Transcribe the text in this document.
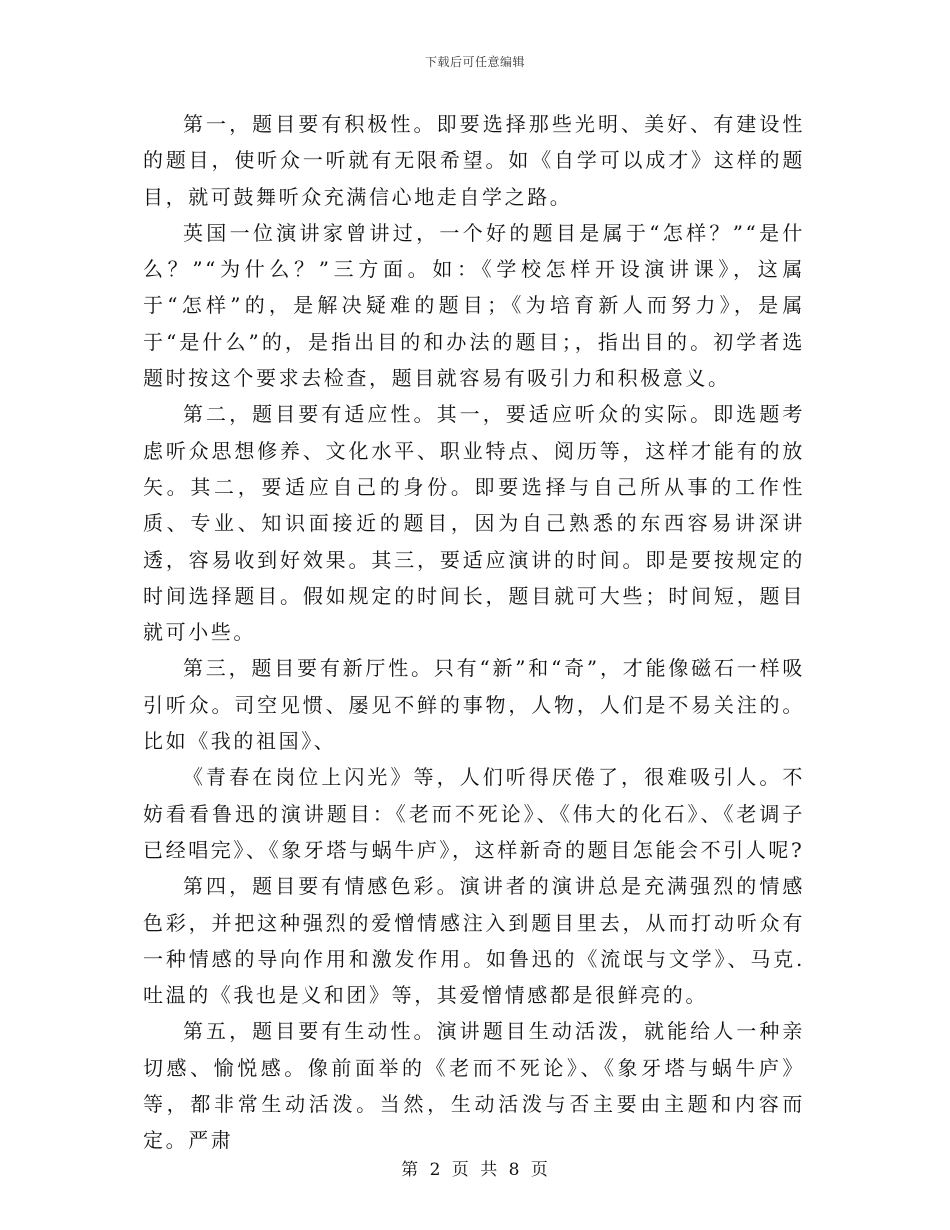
下载后可任意编辑

第一，题目要有积极性。即要选择那些光明、美好、有建设性的题目，使听众一听就有无限希望。如《自学可以成才》这样的题目，就可鼓舞听众充满信心地走自学之路。

英国一位演讲家曾讲过，一个好的题目是属于“怎样？”“是什么？”“为什么？”三方面。如：《学校怎样开设演讲课》，这属于“怎样”的，是解决疑难的题目；《为培育新人而努力》，是属于“是什么”的，是指出目的和办法的题目；，指出目的。初学者选题时按这个要求去检查，题目就容易有吸引力和积极意义。

第二，题目要有适应性。其一，要适应听众的实际。即选题考虑听众思想修养、文化水平、职业特点、阅历等，这样才能有的放矢。其二，要适应自己的身份。即要选择与自己所从事的工作性质、专业、知识面接近的题目，因为自己熟悉的东西容易讲深讲透，容易收到好效果。其三，要适应演讲的时间。即是要按规定的时间选择题目。假如规定的时间长，题目就可大些；时间短，题目就可小些。

第三，题目要有新厅性。只有“新”和“奇”，才能像磁石一样吸引听众。司空见惯、屡见不鲜的事物，人物，人们是不易关注的。比如《我的祖国》、

《青春在岗位上闪光》等，人们听得厌倦了，很难吸引人。不妨看看鲁迅的演讲题目：《老而不死论》、《伟大的化石》、《老调子已经唱完》、《象牙塔与蜗牛庐》，这样新奇的题目怎能会不引人呢?

第四，题目要有情感色彩。演讲者的演讲总是充满强烈的情感色彩，并把这种强烈的爱憎情感注入到题目里去，从而打动听众有一种情感的导向作用和激发作用。如鲁迅的《流氓与文学》、马克.吐温的《我也是义和团》等，其爱憎情感都是很鲜亮的。

第五，题目要有生动性。演讲题目生动活泼，就能给人一种亲切感、愉悦感。像前面举的《老而不死论》、《象牙塔与蜗牛庐》等，都非常生动活泼。当然，生动活泼与否主要由主题和内容而定。严肃

第 2 页 共 8 页
